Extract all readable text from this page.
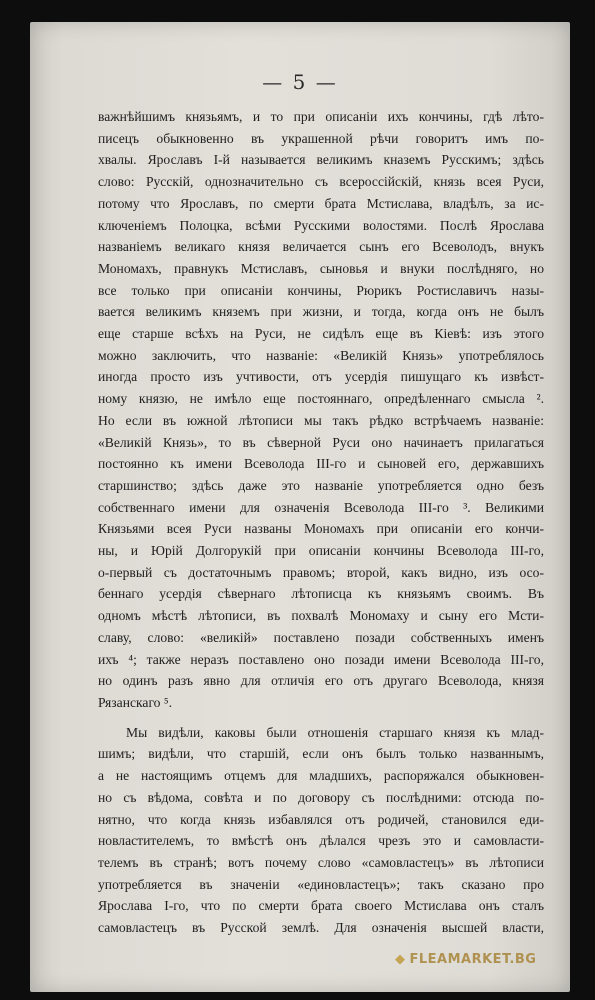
— 5 —
важнѣйшимъ князьямъ, и то при описаніи ихъ кончины, гдѣ лѣто-
писецъ обыкновенно въ украшенной рѣчи говоритъ имъ по-
хвалы. Ярославъ I-й называется великимъ кназемъ Русскимъ; здѣсь
слово: Русскій, однозначительно съ всероссійскій, князь всея Руси,
потому что Ярославъ, по смерти брата Мстислава, владѣлъ, за ис-
ключеніемъ Полоцка, всѣми Русскими волостями. Послѣ Ярослава
названіемъ великаго князя величается сынъ его Всеволодъ, внукъ
Мономахъ, правнукъ Мстиславъ, сыновья и внуки послѣдняго, но
все только при описаніи кончины, Рюрикъ Ростиславичъ назы-
вается великимъ княземъ при жизни, и тогда, когда онъ не былъ
еще старше всѣхъ на Руси, не сидѣлъ еще въ Кіевѣ: изъ этого
можно заключить, что названіе: «Великій Князь» употреблялось
иногда просто изъ учтивости, отъ усердія пишущаго къ извѣст-
ному князю, не имѣло еще постояннаго, опредѣленнаго смысла ².
Но если въ южной лѣтописи мы такъ рѣдко встрѣчаемъ названіе:
«Великій Князь», то въ сѣверной Руси оно начинаетъ прилагаться
постоянно къ имени Всеволода III-го и сыновей его, державшихъ
старшинство; здѣсь даже это названіе употребляется одно безъ
собственнаго имени для означенія Всеволода III-го ³. Великими
Князьями всея Руси названы Мономахъ при описаніи его кончи-
ны, и Юрій Долгорукій при описаніи кончины Всеволода III-го,
о-первый съ достаточнымъ правомъ; второй, какъ видно, изъ осо-
беннаго усердія сѣвернаго лѣтописца къ князьямъ своимъ. Въ
одномъ мѣстѣ лѣтописи, въ похвалѣ Мономаху и сыну его Мсти-
славу, слово: «великій» поставлено позади собственныхъ именъ
ихъ ⁴; также неразъ поставлено оно позади имени Всеволода III-го,
но одинъ разъ явно для отличія его отъ другаго Всеволода, князя
Рязанскаго ⁵.
Мы видѣли, каковы были отношенія старшаго князя къ млад-
шимъ; видѣли, что старшій, если онъ былъ только названнымъ,
а не настоящимъ отцемъ для младшихъ, распоряжался обыкновен-
но съ вѣдома, совѣта и по договору съ послѣдними: отсюда по-
нятно, что когда князь избавлялся отъ родичей, становился еди-
новластителемъ, то вмѣстѣ онъ дѣлался чрезъ это и самовласти-
телемъ въ странѣ; вотъ почему слово «самовластецъ» въ лѣтописи
употребляется въ значеніи «единовластецъ»; такъ сказано про
Ярослава I-го, что по смерти брата своего Мстислава онъ сталъ
самовластецъ въ Русской землѣ. Для означенія высшей власти,
◆ FLEAMARKET.BG
